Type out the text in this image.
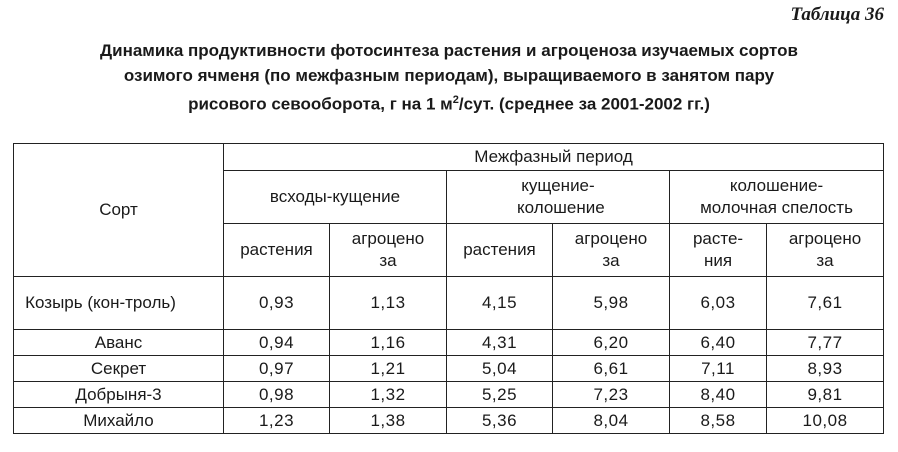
Таблица 36
Динамика продуктивности фотосинтеза растения и агроценоза изучаемых сортов
озимого ячменя (по межфазным периодам), выращиваемого в занятом пару
рисового севооборота, г на 1 $м^2$/сут. (среднее за 2001-2002 гг.)
Сорт	Межфазный период					
	всходы-кущение		кущение-колошение		колошение-молочная спелость	
	растения	агроцено за	растения	агроцено за	расте-ния	агроцено за
Козырь (кон-троль)	0,93	1,13	4,15	5,98	6,03	7,61
Аванс	0,94	1,16	4,31	6,20	6,40	7,77
Секрет	0,97	1,21	5,04	6,61	7,11	8,93
Добрыня-3	0,98	1,32	5,25	7,23	8,40	9,81
Михайло	1,23	1,38	5,36	8,04	8,58	10,08
